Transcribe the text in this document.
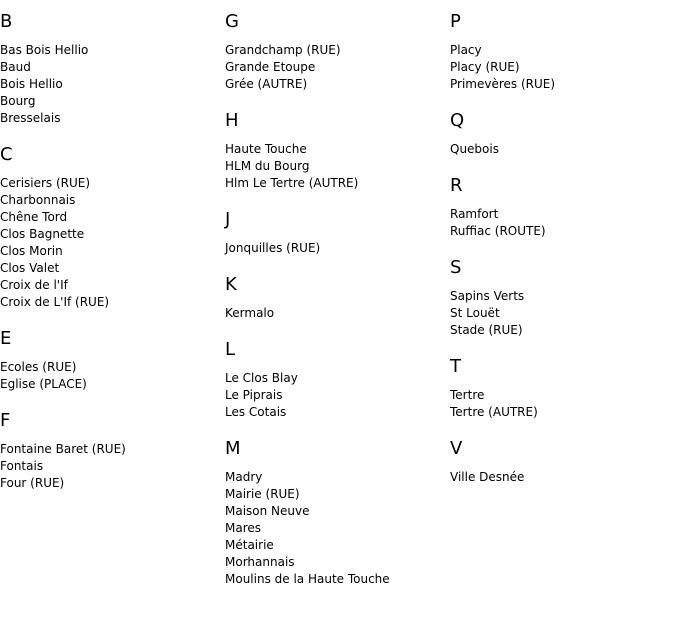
B
Bas Bois Hellio
Baud
Bois Hellio
Bourg
Bresselais
C
Cerisiers (RUE)
Charbonnais
Chêne Tord
Clos Bagnette
Clos Morin
Clos Valet
Croix de l'If
Croix de L'If (RUE)
E
Ecoles (RUE)
Eglise (PLACE)
F
Fontaine Baret (RUE)
Fontais
Four (RUE)
G
Grandchamp (RUE)
Grande Etoupe
Grée (AUTRE)
H
Haute Touche
HLM du Bourg
Hlm Le Tertre (AUTRE)
J
Jonquilles (RUE)
K
Kermalo
L
Le Clos Blay
Le Piprais
Les Cotais
M
Madry
Mairie (RUE)
Maison Neuve
Mares
Métairie
Morhannais
Moulins de la Haute Touche
P
Placy
Placy (RUE)
Primevères (RUE)
Q
Quebois
R
Ramfort
Ruffiac (ROUTE)
S
Sapins Verts
St Louët
Stade (RUE)
T
Tertre
Tertre (AUTRE)
V
Ville Desnée
